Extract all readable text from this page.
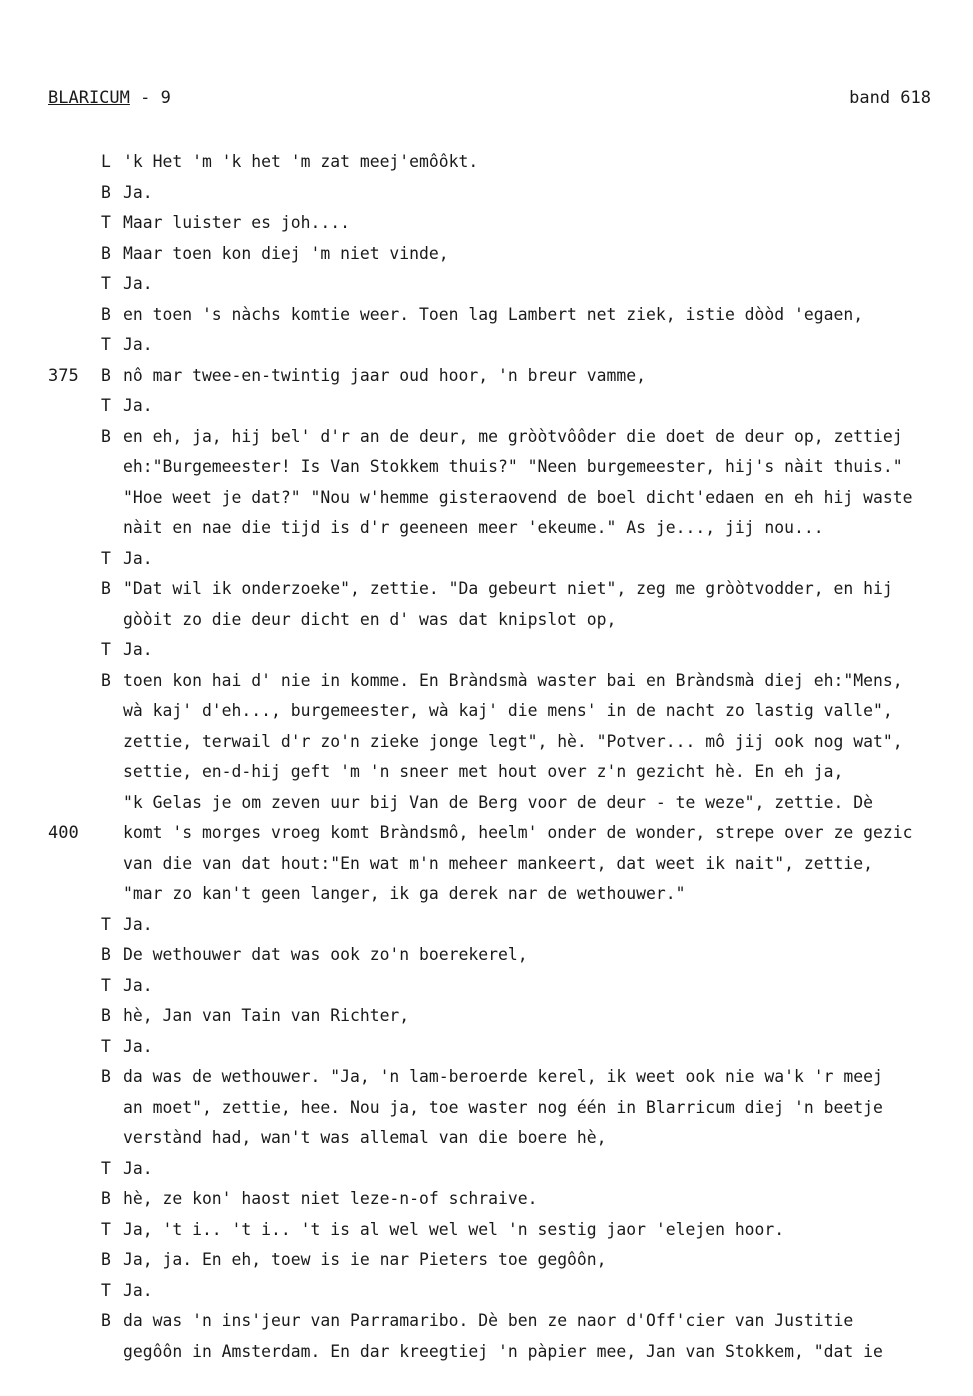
BLARICUM - 9	band 618
L 'k Het 'm 'k het 'm zat meej'emôôkt.
B Ja.
T Maar luister es joh....
B Maar toen kon diej 'm niet vinde,
T Ja.
B en toen 's nàchs komtie weer. Toen lag Lambert net ziek, istie dòòd 'egaen,
T Ja.
375 B nô mar twee-en-twintig jaar oud hoor, 'n breur vamme,
T Ja.
B en eh, ja, hij bel' d'r an de deur, me gròòtvôôder die doet de deur op, zettiej
eh:"Burgemeester! Is Van Stokkem thuis?" "Neen burgemeester, hij's nàit thuis."
"Hoe weet je dat?" "Nou w'hemme gisteraovend de boel dicht'edaen en eh hij waste
nàit en nae die tijd is d'r geeneen meer 'ekeume." As je..., jij nou...
T Ja.
B "Dat wil ik onderzoeke", zettie. "Da gebeurt niet", zeg me gròòtvodder, en hij
gòòit zo die deur dicht en d' was dat knipslot op,
T Ja.
B toen kon hai d' nie in komme. En Bràndsmà waster bai en Bràndsmà diej eh:"Mens,
wà kaj' d'eh..., burgemeester, wà kaj' die mens' in de nacht zo lastig valle",
zettie, terwail d'r zo'n zieke jonge legt", hè. "Potver... mô jij ook nog wat",
settie, en-d-hij geft 'm 'n sneer met hout over z'n gezicht hè. En eh ja,
"k Gelas je om zeven uur bij Van de Berg voor de deur - te weze", zettie. Dè
400	komt 's morges vroeg komt Bràndsmô, heelm' onder de wonder, strepe over ze gezic
van die van dat hout:"En wat m'n meheer mankeert, dat weet ik nait", zettie,
"mar zo kan't geen langer, ik ga derek nar de wethouwer."
T Ja.
B De wethouwer dat was ook zo'n boerekerel,
T Ja.
B hè, Jan van Tain van Richter,
T Ja.
B da was de wethouwer. "Ja, 'n lam-beroerde kerel, ik weet ook nie wa'k 'r meej
an moet", zettie, hee. Nou ja, toe waster nog één in Blarricum diej 'n beetje
verstànd had, wan't was allemal van die boere hè,
T Ja.
B hè, ze kon' haost niet leze-n-of schraive.
T Ja, 't i.. 't i.. 't is al wel wel wel 'n sestig jaor 'elejen hoor.
B Ja, ja. En eh, toew is ie nar Pieters toe gegôôn,
T Ja.
B da was 'n ins'jeur van Parramaribo. Dè ben ze naor d'Off'cier van Justitie
gegôôn in Amsterdam. En dar kreegtiej 'n pàpier mee, Jan van Stokkem, "dat ie
